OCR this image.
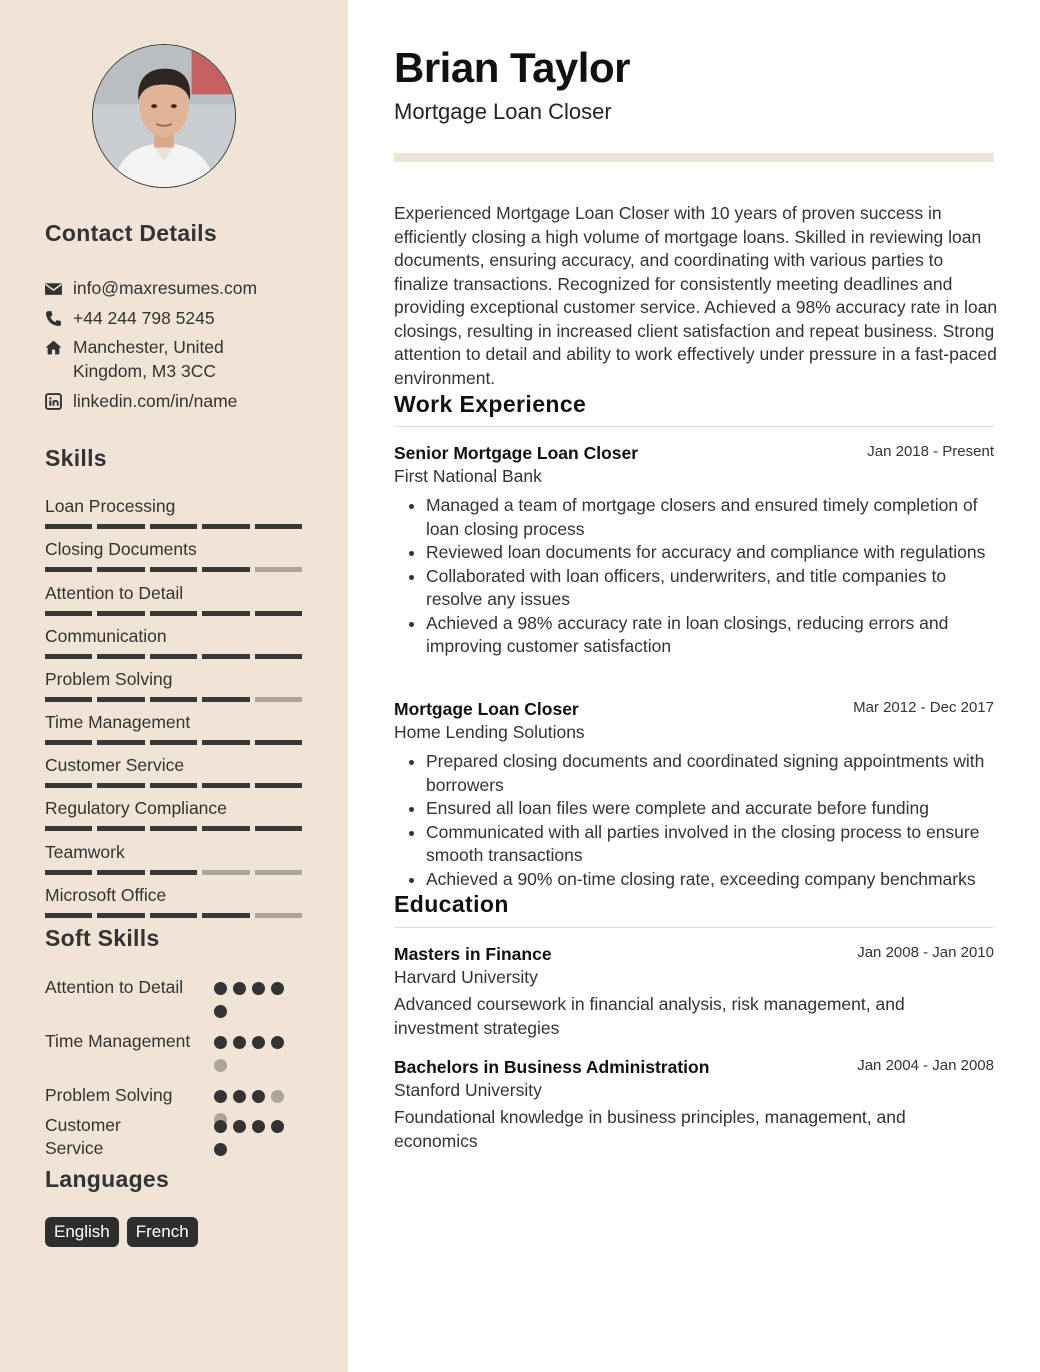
Contact Details
info@maxresumes.com
+44 244 798 5245
Manchester, United
Kingdom, M3 3CC
linkedin.com/in/name
Skills
Loan Processing
Closing Documents
Attention to Detail
Communication
Problem Solving
Time Management
Customer Service
Regulatory Compliance
Teamwork
Microsoft Office
Soft Skills
Attention to Detail
Time Management
Problem Solving
Customer Service
Languages
English	French
Brian Taylor
Mortgage Loan Closer
Experienced Mortgage Loan Closer with 10 years of proven success in efficiently closing a high volume of mortgage loans. Skilled in reviewing loan documents, ensuring accuracy, and coordinating with various parties to finalize transactions. Recognized for consistently meeting deadlines and providing exceptional customer service. Achieved a 98% accuracy rate in loan closings, resulting in increased client satisfaction and repeat business. Strong attention to detail and ability to work effectively under pressure in a fast-paced environment.
Work Experience
Senior Mortgage Loan Closer	Jan 2018 - Present
First National Bank
• Managed a team of mortgage closers and ensured timely completion of loan closing process
• Reviewed loan documents for accuracy and compliance with regulations
• Collaborated with loan officers, underwriters, and title companies to resolve any issues
• Achieved a 98% accuracy rate in loan closings, reducing errors and improving customer satisfaction
Mortgage Loan Closer	Mar 2012 - Dec 2017
Home Lending Solutions
• Prepared closing documents and coordinated signing appointments with borrowers
• Ensured all loan files were complete and accurate before funding
• Communicated with all parties involved in the closing process to ensure smooth transactions
• Achieved a 90% on-time closing rate, exceeding company benchmarks
Education
Masters in Finance	Jan 2008 - Jan 2010
Harvard University
Advanced coursework in financial analysis, risk management, and investment strategies
Bachelors in Business Administration	Jan 2004 - Jan 2008
Stanford University
Foundational knowledge in business principles, management, and economics
